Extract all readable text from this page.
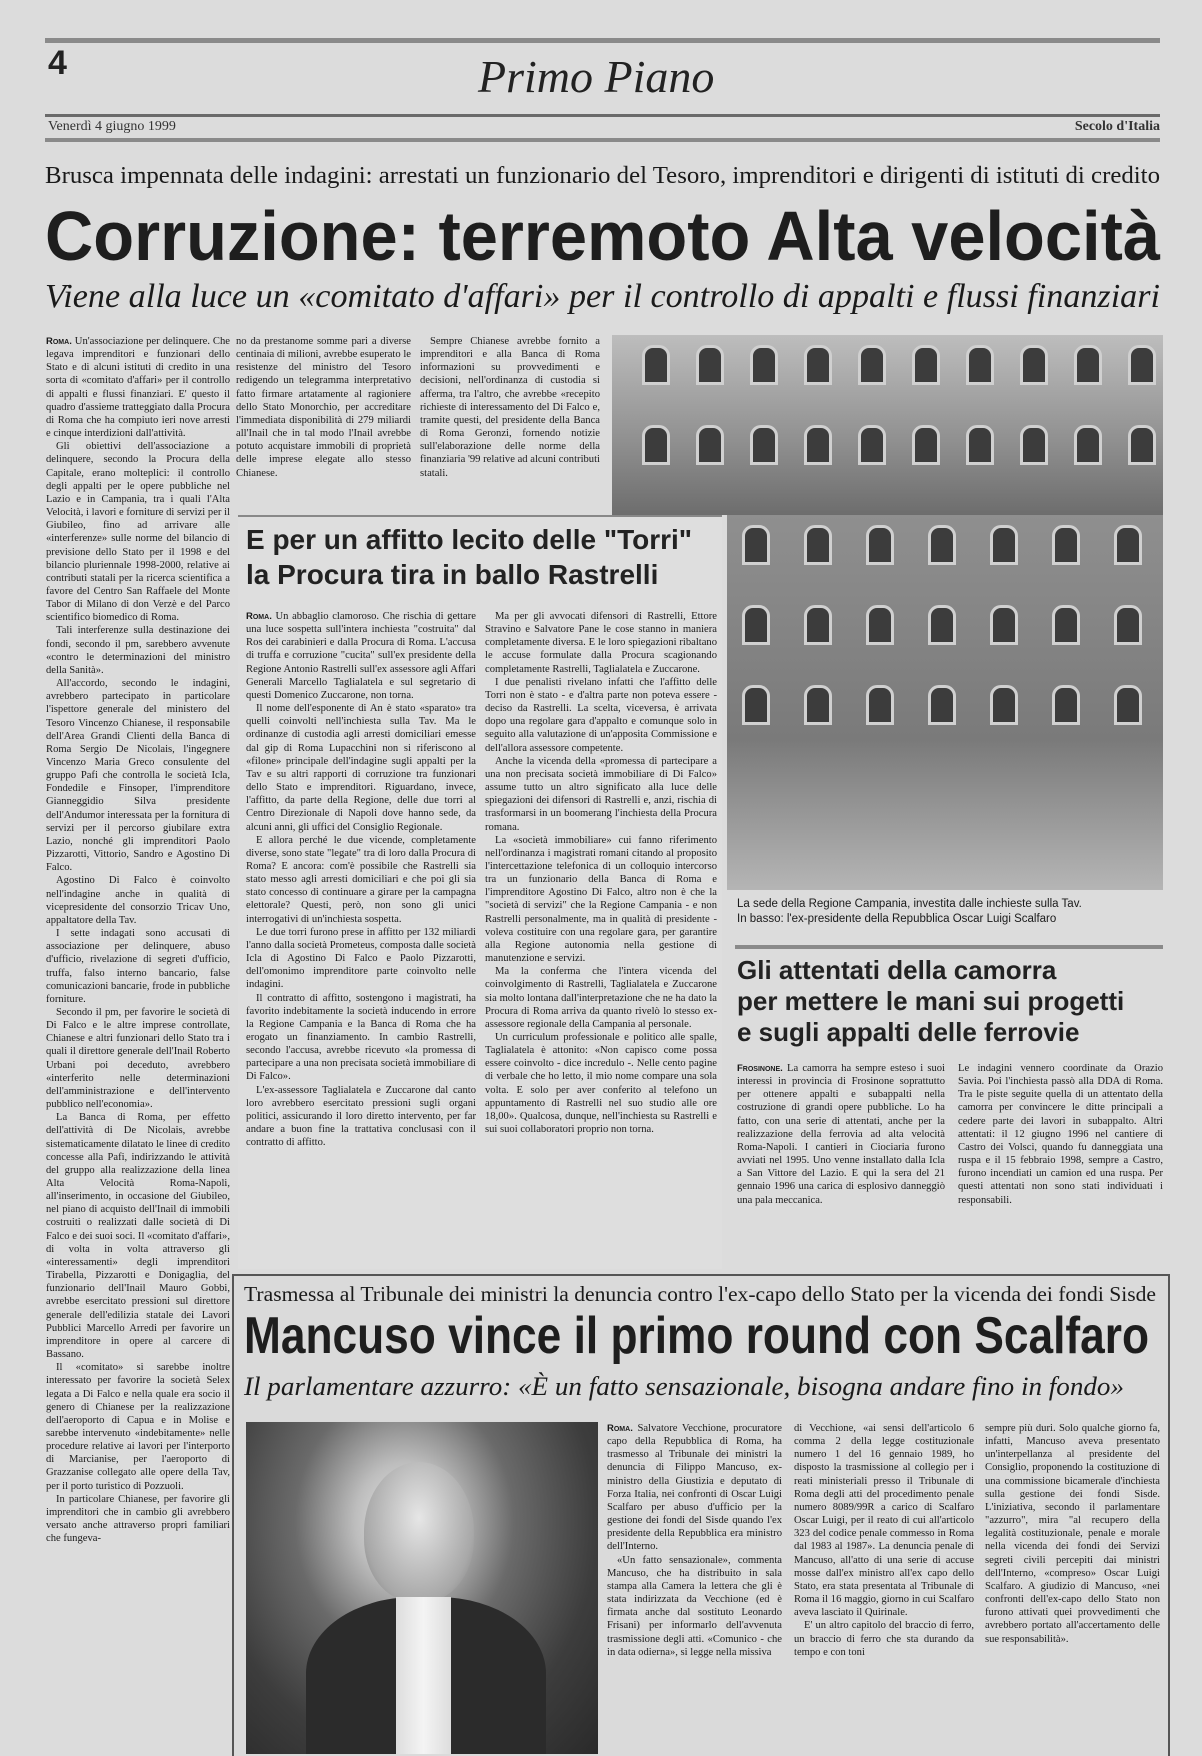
4	Primo Piano
Venerdì 4 giugno 1999	Secolo d'Italia
Brusca impennata delle indagini: arrestati un funzionario del Tesoro, imprenditori e dirigenti di istituti di credito
Corruzione: terremoto Alta velocità
Viene alla luce un «comitato d'affari» per il controllo di appalti e flussi finanziari

Roma. Un'associazione per delinquere. Che legava imprenditori e funzionari dello Stato e di alcuni istituti di credito in una sorta di «comitato d'affari» per il controllo di appalti e flussi finanziari. E' questo il quadro d'assieme tratteggiato dalla Procura di Roma che ha compiuto ieri nove arresti e cinque interdizioni dall'attività.

Gli obiettivi dell'associazione a delinquere, secondo la Procura della Capitale, erano molteplici: il controllo degli appalti per le opere pubbliche nel Lazio e in Campania, tra i quali l'Alta Velocità, i lavori e forniture di servizi per il Giubileo, fino ad arrivare alle «interferenze» sulle norme del bilancio di previsione dello Stato per il 1998 e del bilancio pluriennale 1998-2000, relative ai contributi statali per la ricerca scientifica a favore del Centro San Raffaele del Monte Tabor di Milano di don Verzè e del Parco scientifico biomedico di Roma.

Tali interferenze sulla destinazione dei fondi, secondo il pm, sarebbero avvenute «contro le determinazioni del ministro della Sanità».

All'accordo, secondo le indagini, avrebbero partecipato in particolare l'ispettore generale del ministero del Tesoro Vincenzo Chianese, il responsabile dell'Area Grandi Clienti della Banca di Roma Sergio De Nicolais, l'ingegnere Vincenzo Maria Greco consulente del gruppo Pafi che controlla le società Icla, Fondedile e Finsoper, l'imprenditore Gianneggidio Silva presidente dell'Andumor interessata per la fornitura di servizi per il percorso giubilare extra Lazio, nonché gli imprenditori Paolo Pizzarotti, Vittorio, Sandro e Agostino Di Falco.

Agostino Di Falco è coinvolto nell'indagine anche in qualità di vicepresidente del consorzio Tricav Uno, appaltatore della Tav.

I sette indagati sono accusati di associazione per delinquere, abuso d'ufficio, rivelazione di segreti d'ufficio, truffa, falso interno bancario, false comunicazioni bancarie, frode in pubbliche forniture.

Secondo il pm, per favorire le società di Di Falco e le altre imprese controllate, Chianese e altri funzionari dello Stato tra i quali il direttore generale dell'Inail Roberto Urbani poi deceduto, avrebbero «interferito nelle determinazioni dell'amministrazione e dell'intervento pubblico nell'economia».

La Banca di Roma, per effetto dell'attività di De Nicolais, avrebbe sistematicamente dilatato le linee di credito concesse alla Pafi, indirizzando le attività del gruppo alla realizzazione della linea Alta Velocità Roma-Napoli, all'inserimento, in occasione del Giubileo, nel piano di acquisto dell'Inail di immobili costruiti o realizzati dalle società di Di Falco e dei suoi soci. Il «comitato d'affari», di volta in volta attraverso gli «interessamenti» degli imprenditori Tirabella, Pizzarotti e Donigaglia, del funzionario dell'Inail Mauro Gobbi, avrebbe esercitato pressioni sul direttore generale dell'edilizia statale dei Lavori Pubblici Marcello Arredi per favorire un imprenditore in opere al carcere di Bassano.

Il «comitato» si sarebbe inoltre interessato per favorire la società Selex legata a Di Falco e nella quale era socio il genero di Chianese per la realizzazione dell'aeroporto di Capua e in Molise e sarebbe intervenuto «indebitamente» nelle procedure relative ai lavori per l'interporto di Marcianise, per l'aeroporto di Grazzanise collegato alle opere della Tav, per il porto turistico di Pozzuoli.

In particolare Chianese, per favorire gli imprenditori che in cambio gli avrebbero versato anche attraverso propri familiari che fungeva-

no da prestanome somme pari a diverse centinaia di milioni, avrebbe esuperato le resistenze del ministro del Tesoro redigendo un telegramma interpretativo fatto firmare artatamente al ragioniere dello Stato Monorchio, per accreditare l'immediata disponibilità di 279 miliardi all'Inail che in tal modo l'Inail avrebbe potuto acquistare immobili di proprietà delle imprese elegate allo stesso Chianese.

Sempre Chianese avrebbe fornito a imprenditori e alla Banca di Roma informazioni su provvedimenti e decisioni, nell'ordinanza di custodia si afferma, tra l'altro, che avrebbe «recepito richieste di interessamento del Di Falco e, tramite questi, del presidente della Banca di Roma Geronzi, fornendo notizie sull'elaborazione delle norme della finanziaria '99 relative ad alcuni contributi statali.

E per un affitto lecito delle "Torri"
la Procura tira in ballo Rastrelli

Roma. Un abbaglio clamoroso. Che rischia di gettare una luce sospetta sull'intera inchiesta "costruita" dal Ros dei carabinieri e dalla Procura di Roma. L'accusa di truffa e corruzione "cucita" sull'ex presidente della Regione Antonio Rastrelli sull'ex assessore agli Affari Generali Marcello Taglialatela e sul segretario di questi Domenico Zuccarone, non torna.

Il nome dell'esponente di An è stato «sparato» tra quelli coinvolti nell'inchiesta sulla Tav. Ma le ordinanze di custodia agli arresti domiciliari emesse dal gip di Roma Lupacchini non si riferiscono al «filone» principale dell'indagine sugli appalti per la Tav e su altri rapporti di corruzione tra funzionari dello Stato e imprenditori. Riguardano, invece, l'affitto, da parte della Regione, delle due torri al Centro Direzionale di Napoli dove hanno sede, da alcuni anni, gli uffici del Consiglio Regionale.

E allora perché le due vicende, completamente diverse, sono state "legate" tra di loro dalla Procura di Roma? E ancora: com'è possibile che Rastrelli sia stato messo agli arresti domiciliari e che poi gli sia stato concesso di continuare a girare per la campagna elettorale? Questi, però, non sono gli unici interrogativi di un'inchiesta sospetta.

Le due torri furono prese in affitto per 132 miliardi l'anno dalla società Prometeus, composta dalle società Icla di Agostino Di Falco e Paolo Pizzarotti, dell'omonimo imprenditore parte coinvolto nelle indagini.

Il contratto di affitto, sostengono i magistrati, ha favorito indebitamente la società inducendo in errore la Regione Campania e la Banca di Roma che ha erogato un finanziamento. In cambio Rastrelli, secondo l'accusa, avrebbe ricevuto «la promessa di partecipare a una non precisata società immobiliare di Di Falco».

L'ex-assessore Taglialatela e Zuccarone dal canto loro avrebbero esercitato pressioni sugli organi politici, assicurando il loro diretto intervento, per far andare a buon fine la trattativa conclusasi con il contratto di affitto.

Ma per gli avvocati difensori di Rastrelli, Ettore Stravino e Salvatore Pane le cose stanno in maniera completamente diversa. E le loro spiegazioni ribaltano le accuse formulate dalla Procura scagionando completamente Rastrelli, Taglialatela e Zuccarone.

I due penalisti rivelano infatti che l'affitto delle Torri non è stato - e d'altra parte non poteva essere - deciso da Rastrelli. La scelta, viceversa, è arrivata dopo una regolare gara d'appalto e comunque solo in seguito alla valutazione di un'apposita Commissione e dell'allora assessore competente.

Anche la vicenda della «promessa di partecipare a una non precisata società immobiliare di Di Falco» assume tutto un altro significato alla luce delle spiegazioni dei difensori di Rastrelli e, anzi, rischia di trasformarsi in un boomerang l'inchiesta della Procura romana.

La «società immobiliare» cui fanno riferimento nell'ordinanza i magistrati romani citando al proposito l'intercettazione telefonica di un colloquio intercorso tra un funzionario della Banca di Roma e l'imprenditore Agostino Di Falco, altro non è che la "società di servizi" che la Regione Campania - e non Rastrelli personalmente, ma in qualità di presidente - voleva costituire con una regolare gara, per garantire alla Regione autonomia nella gestione di manutenzione e servizi.

Ma la conferma che l'intera vicenda del coinvolgimento di Rastrelli, Taglialatela e Zuccarone sia molto lontana dall'interpretazione che ne ha dato la Procura di Roma arriva da quanto rivelò lo stesso ex-assessore regionale della Campania al personale.

Un curriculum professionale e politico alle spalle, Taglialatela è attonito: «Non capisco come possa essere coinvolto - dice incredulo -. Nelle cento pagine di verbale che ho letto, il mio nome compare una sola volta. E solo per aver conferito al telefono un appuntamento di Rastrelli nel suo studio alle ore 18,00». Qualcosa, dunque, nell'inchiesta su Rastrelli e sui suoi collaboratori proprio non torna.

La sede della Regione Campania, investita dalle inchieste sulla Tav.
In basso: l'ex-presidente della Repubblica Oscar Luigi Scalfaro
Gli attentati della camorra
per mettere le mani sui progetti
e sugli appalti delle ferrovie

Frosinone. La camorra ha sempre esteso i suoi interessi in provincia di Frosinone soprattutto per ottenere appalti e subappalti nella costruzione di grandi opere pubbliche. Lo ha fatto, con una serie di attentati, anche per la realizzazione della ferrovia ad alta velocità Roma-Napoli. I cantieri in Ciociaria furono avviati nel 1995. Uno venne installato dalla Icla a San Vittore del Lazio. E qui la sera del 21 gennaio 1996 una carica di esplosivo danneggiò una pala meccanica.

Le indagini vennero coordinate da Orazio Savia. Poi l'inchiesta passò alla DDA di Roma. Tra le piste seguite quella di un attentato della camorra per convincere le ditte principali a cedere parte dei lavori in subappalto. Altri attentati: il 12 giugno 1996 nel cantiere di Castro dei Volsci, quando fu danneggiata una ruspa e il 15 febbraio 1998, sempre a Castro, furono incendiati un camion ed una ruspa. Per questi attentati non sono stati individuati i responsabili.

Trasmessa al Tribunale dei ministri la denuncia contro l'ex-capo dello Stato per la vicenda dei fondi Sisde
Mancuso vince il primo round con Scalfaro
Il parlamentare azzurro: «È un fatto sensazionale, bisogna andare fino in fondo»

Roma. Salvatore Vecchione, procuratore capo della Repubblica di Roma, ha trasmesso al Tribunale dei ministri la denuncia di Filippo Mancuso, ex-ministro della Giustizia e deputato di Forza Italia, nei confronti di Oscar Luigi Scalfaro per abuso d'ufficio per la gestione dei fondi del Sisde quando l'ex presidente della Repubblica era ministro dell'Interno.

«Un fatto sensazionale», commenta Mancuso, che ha distribuito in sala stampa alla Camera la lettera che gli è stata indirizzata da Vecchione (ed è firmata anche dal sostituto Leonardo Frisani) per informarlo dell'avvenuta trasmissione degli atti. «Comunico - che in data odierna», si legge nella missiva

di Vecchione, «ai sensi dell'articolo 6 comma 2 della legge costituzionale numero 1 del 16 gennaio 1989, ho disposto la trasmissione al collegio per i reati ministeriali presso il Tribunale di Roma degli atti del procedimento penale numero 8089/99R a carico di Scalfaro Oscar Luigi, per il reato di cui all'articolo 323 del codice penale commesso in Roma dal 1983 al 1987». La denuncia penale di Mancuso, all'atto di una serie di accuse mosse dall'ex ministro all'ex capo dello Stato, era stata presentata al Tribunale di Roma il 16 maggio, giorno in cui Scalfaro aveva lasciato il Quirinale.

E' un altro capitolo del braccio di ferro, un braccio di ferro che sta durando da tempo e con toni

sempre più duri. Solo qualche giorno fa, infatti, Mancuso aveva presentato un'interpellanza al presidente del Consiglio, proponendo la costituzione di una commissione bicamerale d'inchiesta sulla gestione dei fondi Sisde. L'iniziativa, secondo il parlamentare "azzurro", mira "al recupero della legalità costituzionale, penale e morale nella vicenda dei fondi dei Servizi segreti civili percepiti dai ministri dell'Interno, «compreso» Oscar Luigi Scalfaro. A giudizio di Mancuso, «nei confronti dell'ex-capo dello Stato non furono attivati quei provvedimenti che avrebbero portato all'accertamento delle sue responsabilità».
